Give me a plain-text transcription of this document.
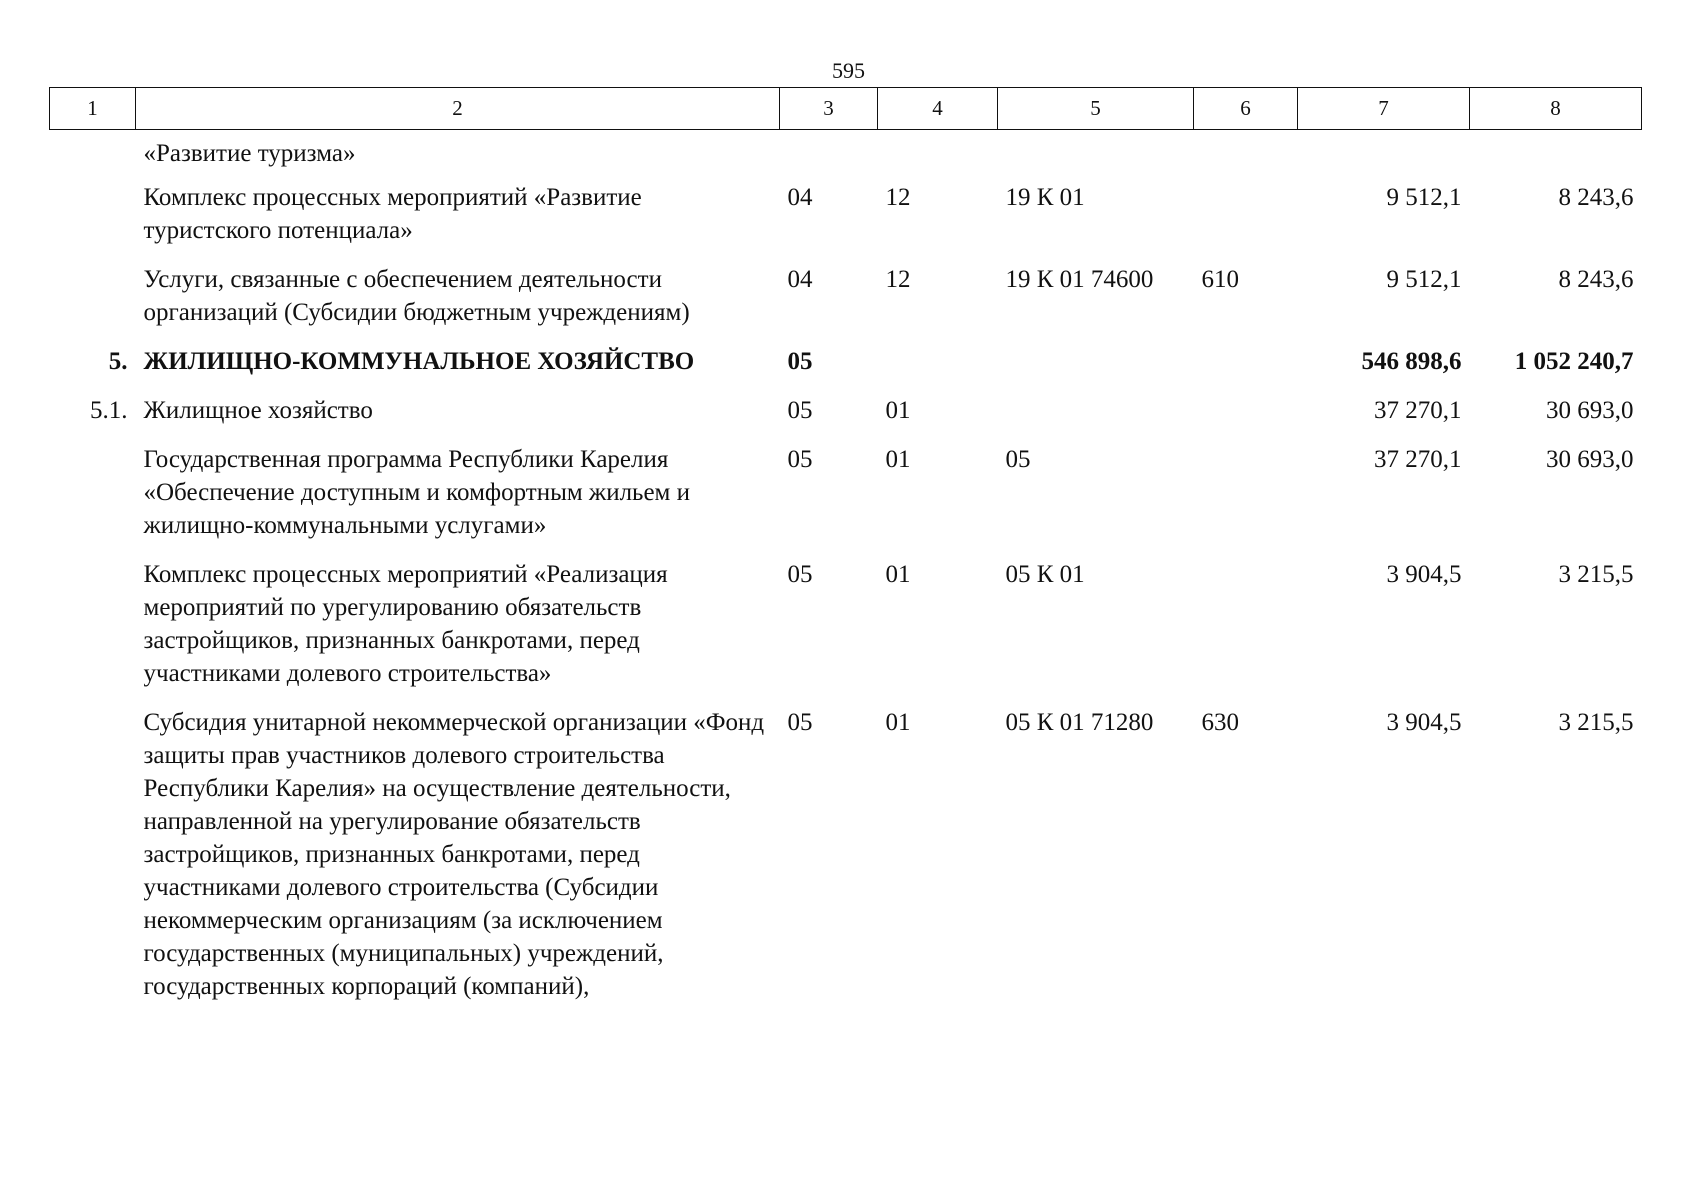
595
1	2	3	4	5	6	7	8
	«Развитие туризма»						
	Комплекс процессных мероприятий «Развитие туристского потенциала»	04	12	19 К 01		9 512,1	8 243,6
	Услуги, связанные с обеспечением деятельности организаций (Субсидии бюджетным учреждениям)	04	12	19 К 01 74600	610	9 512,1	8 243,6
5.	ЖИЛИЩНО-КОММУНАЛЬНОЕ ХОЗЯЙСТВО	05				546 898,6	1 052 240,7
5.1.	Жилищное хозяйство	05	01			37 270,1	30 693,0
	Государственная программа Республики Карелия «Обеспечение доступным и комфортным жильем и жилищно-коммунальными услугами»	05	01	05		37 270,1	30 693,0
	Комплекс процессных мероприятий «Реализация мероприятий по урегулированию обязательств застройщиков, признанных банкротами, перед участниками долевого строительства»	05	01	05 К 01		3 904,5	3 215,5
	Субсидия унитарной некоммерческой организации «Фонд защиты прав участников долевого строительства Республики Карелия» на осуществление деятельности, направленной на урегулирование обязательств застройщиков, признанных банкротами, перед участниками долевого строительства (Субсидии некоммерческим организациям (за исключением государственных (муниципальных) учреждений, государственных корпораций (компаний),	05	01	05 К 01 71280	630	3 904,5	3 215,5
